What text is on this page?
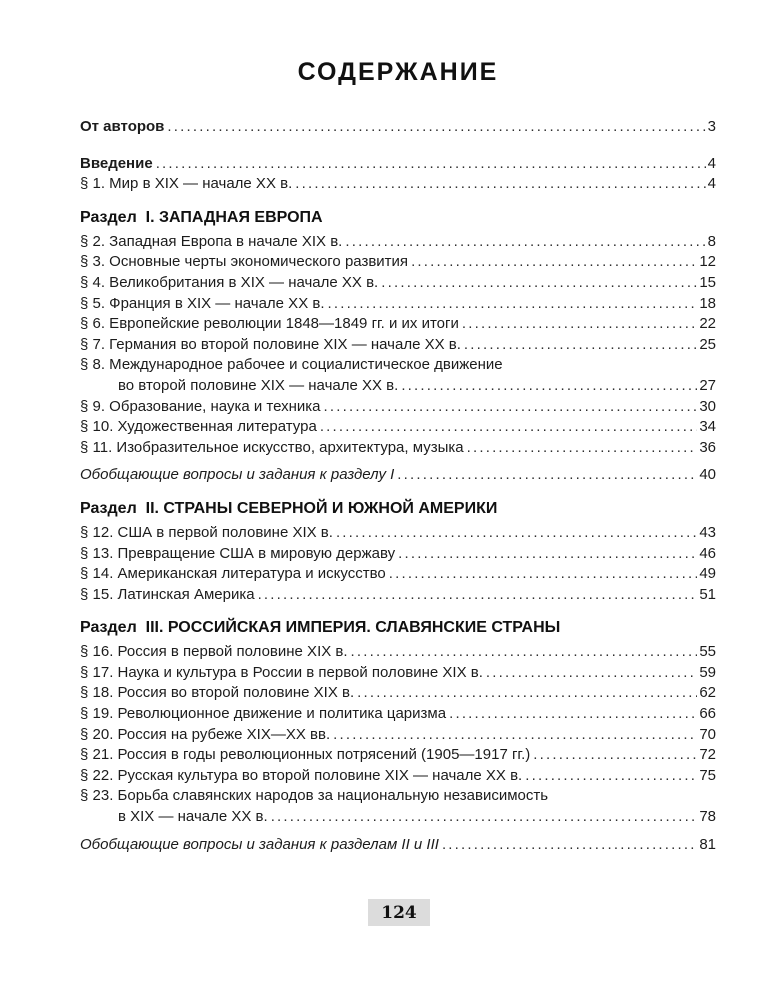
СОДЕРЖАНИЕ
От авторов .....	3
Введение .....	4
§ 1. Мир в XIX — начале XX в. .....	4
Раздел  I. ЗАПАДНАЯ ЕВРОПА
§ 2. Западная Европа в начале XIX в. .....	8
§ 3. Основные черты экономического развития .....	12
§ 4. Великобритания в XIX — начале XX в. .....	15
§ 5. Франция в XIX — начале XX в. .....	18
§ 6. Европейские революции 1848—1849 гг. и их итоги .....	22
§ 7. Германия во второй половине XIX — начале XX в. .....	25
§ 8. Международное рабочее и социалистическое движение
во второй половине XIX — начале XX в. .....	27
§ 9. Образование, наука и техника .....	30
§ 10. Художественная литература .....	34
§ 11. Изобразительное искусство, архитектура, музыка .....	36
Обобщающие вопросы и задания к разделу I .....	40
Раздел  II. СТРАНЫ СЕВЕРНОЙ И ЮЖНОЙ АМЕРИКИ
§ 12. США в первой половине XIX в. .....	43
§ 13. Превращение США в мировую державу .....	46
§ 14. Американская литература и искусство .....	49
§ 15. Латинская Америка .....	51
Раздел  III. РОССИЙСКАЯ ИМПЕРИЯ. СЛАВЯНСКИЕ СТРАНЫ
§ 16. Россия в первой половине XIX в. .....	55
§ 17. Наука и культура в России в первой половине XIX в. .....	59
§ 18. Россия во второй половине XIX в. .....	62
§ 19. Революционное движение и политика царизма .....	66
§ 20. Россия на рубеже XIX—XX вв. .....	70
§ 21. Россия в годы революционных потрясений (1905—1917 гг.) .....	72
§ 22. Русская культура во второй половине XIX — начале XX в. .....	75
§ 23. Борьба славянских народов за национальную независимость
в XIX — начале XX в. .....	78
Обобщающие вопросы и задания к разделам II и III .....	81
124
